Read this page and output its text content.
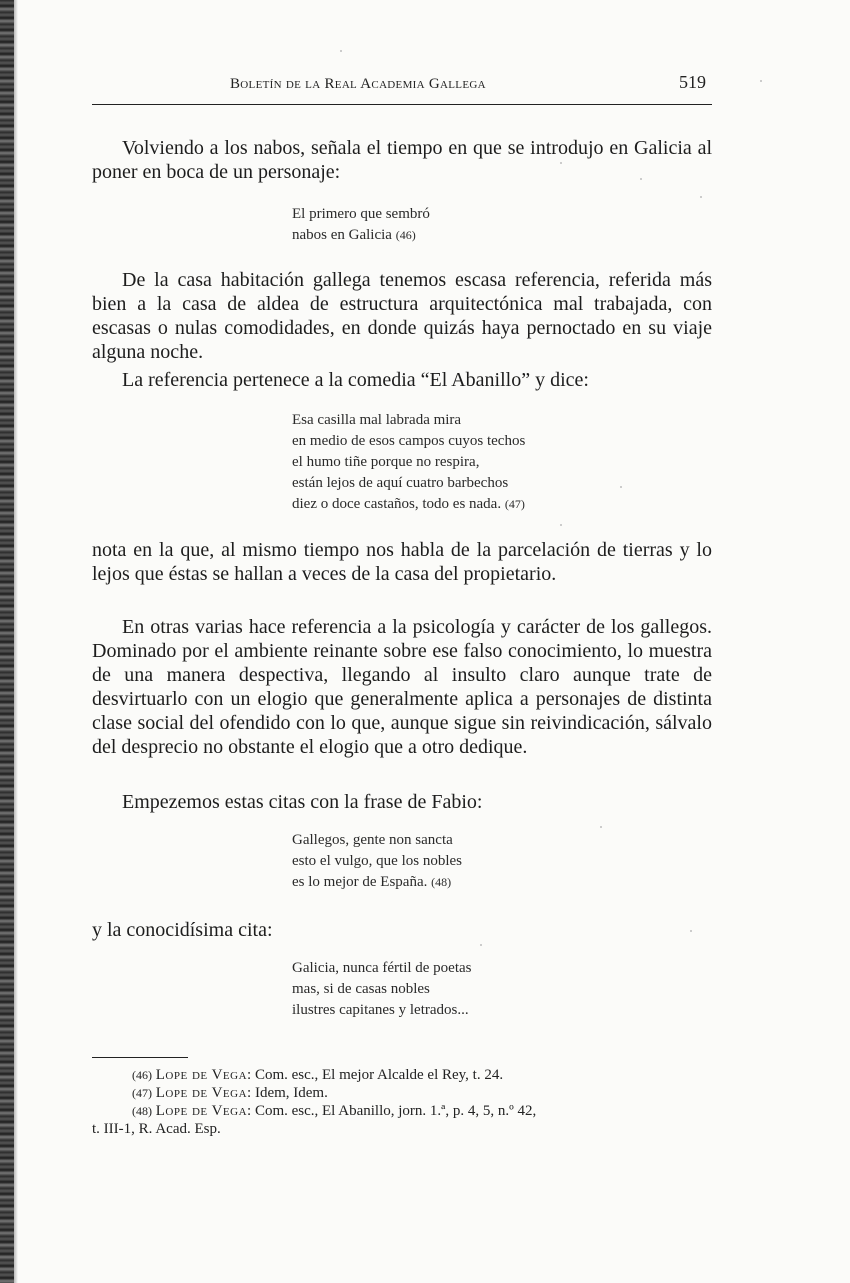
Boletín de la Real Academia Gallega	519

Volviendo a los nabos, señala el tiempo en que se introdujo en Galicia al poner en boca de un personaje:

El primero que sembró
nabos en Galicia (46)

De la casa habitación gallega tenemos escasa referencia, referida más bien a la casa de aldea de estructura arquitectónica mal trabajada, con escasas o nulas comodidades, en donde quizás haya pernoctado en su viaje alguna noche.

La referencia pertenece a la comedia “El Abanillo” y dice:

Esa casilla mal labrada mira
en medio de esos campos cuyos techos
el humo tiñe porque no respira,
están lejos de aquí cuatro barbechos
diez o doce castaños, todo es nada. (47)

nota en la que, al mismo tiempo nos habla de la parcelación de tierras y lo lejos que éstas se hallan a veces de la casa del propietario.

En otras varias hace referencia a la psicología y carácter de los gallegos. Dominado por el ambiente reinante sobre ese falso conocimiento, lo muestra de una manera despectiva, llegando al insulto claro aunque trate de desvirtuarlo con un elogio que generalmente aplica a personajes de distinta clase social del ofendido con lo que, aunque sigue sin reivindicación, sálvalo del desprecio no obstante el elogio que a otro dedique.

Empezemos estas citas con la frase de Fabio:

Gallegos, gente non sancta
esto el vulgo, que los nobles
es lo mejor de España. (48)

y la conocidísima cita:

Galicia, nunca fértil de poetas
mas, si de casas nobles
ilustres capitanes y letrados...

(46) Lope de Vega: Com. esc., El mejor Alcalde el Rey, t. 24.

(47) Lope de Vega: Idem, Idem.

(48) Lope de Vega: Com. esc., El Abanillo, jorn. 1.ª, p. 4, 5, n.º 42,

t. III-1, R. Acad. Esp.
